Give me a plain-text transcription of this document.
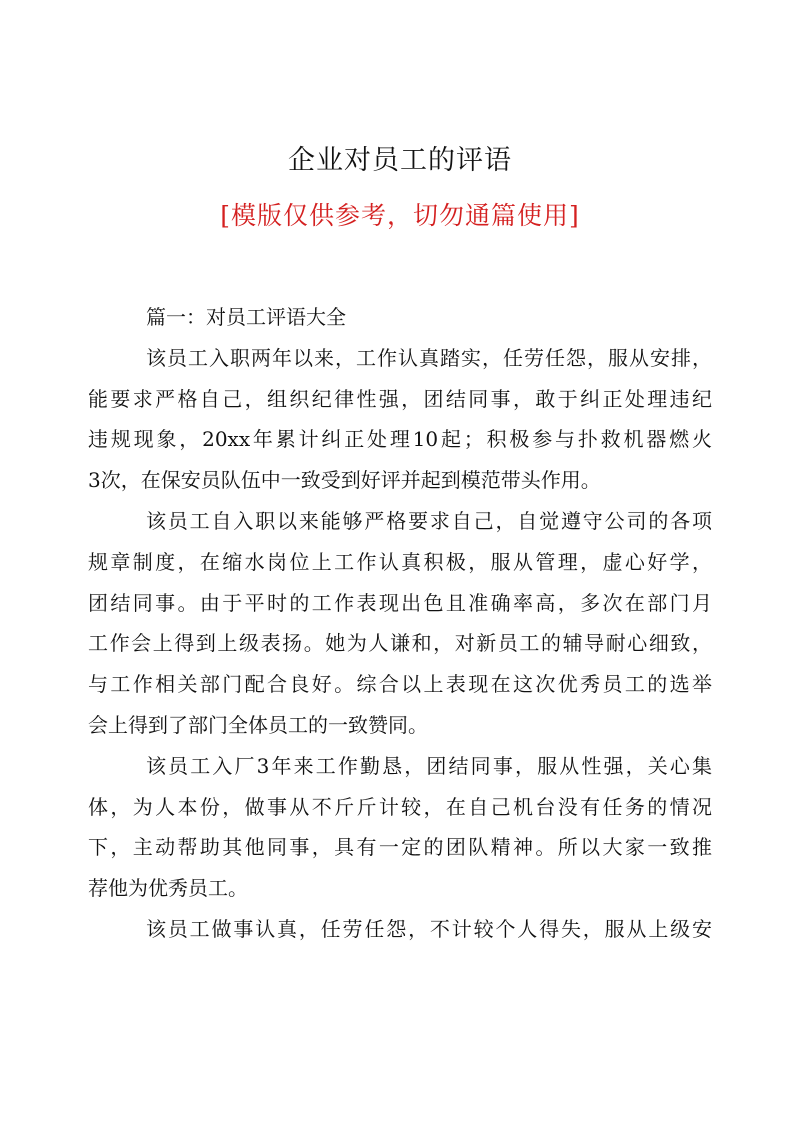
企业对员工的评语
[模版仅供参考，切勿通篇使用]
篇一：对员工评语大全
该员工入职两年以来，工作认真踏实，任劳任怨，服从安排，
能要求严格自己，组织纪律性强，团结同事，敢于纠正处理违纪
违规现象，20xx年累计纠正处理10起；积极参与扑救机器燃火
3次，在保安员队伍中一致受到好评并起到模范带头作用。
该员工自入职以来能够严格要求自己，自觉遵守公司的各项
规章制度，在缩水岗位上工作认真积极，服从管理，虚心好学，
团结同事。由于平时的工作表现出色且准确率高，多次在部门月
工作会上得到上级表扬。她为人谦和，对新员工的辅导耐心细致，
与工作相关部门配合良好。综合以上表现在这次优秀员工的选举
会上得到了部门全体员工的一致赞同。
该员工入厂3年来工作勤恳，团结同事，服从性强，关心集
体，为人本份，做事从不斤斤计较，在自己机台没有任务的情况
下，主动帮助其他同事，具有一定的团队精神。所以大家一致推
荐他为优秀员工。
该员工做事认真，任劳任怨，不计较个人得失，服从上级安
